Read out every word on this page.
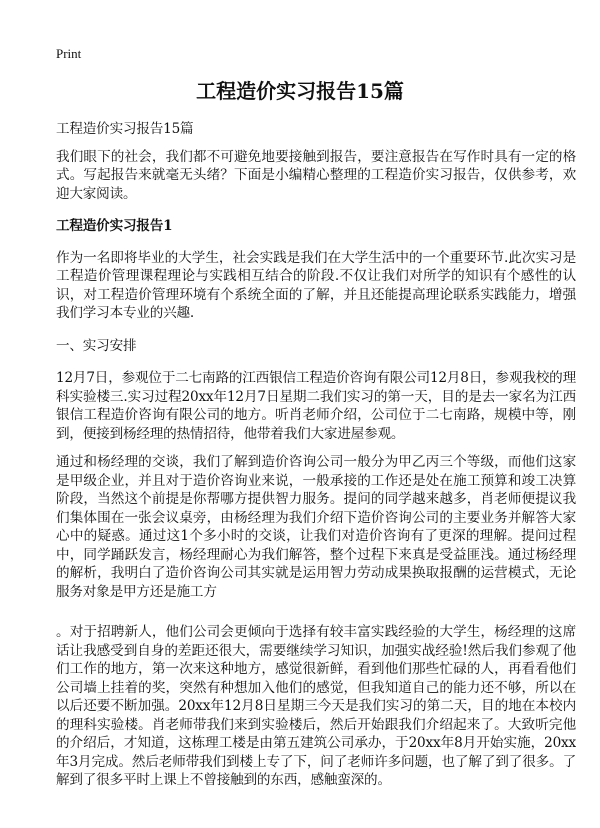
Print
工程造价实习报告15篇

工程造价实习报告15篇

我们眼下的社会，我们都不可避免地要接触到报告，要注意报告在写作时具有一定的格式。写起报告来就毫无头绪？下面是小编精心整理的工程造价实习报告，仅供参考，欢迎大家阅读。

工程造价实习报告1

作为一名即将毕业的大学生，社会实践是我们在大学生活中的一个重要环节.此次实习是工程造价管理课程理论与实践相互结合的阶段.不仅让我们对所学的知识有个感性的认识，对工程造价管理环境有个系统全面的了解，并且还能提高理论联系实践能力，增强我们学习本专业的兴趣.

一、实习安排

12月7日，参观位于二七南路的江西银信工程造价咨询有限公司12月8日，参观我校的理科实验楼三.实习过程20xx年12月7日星期二我们实习的第一天，目的是去一家名为江西银信工程造价咨询有限公司的地方。听肖老师介绍，公司位于二七南路，规模中等，刚到，便接到杨经理的热情招待，他带着我们大家进屋参观。

通过和杨经理的交谈，我们了解到造价咨询公司一般分为甲乙丙三个等级，而他们这家是甲级企业，并且对于造价咨询业来说，一般承接的工作还是处在施工预算和竣工决算阶段，当然这个前提是你帮哪方提供智力服务。提问的同学越来越多，肖老师便提议我们集体围在一张会议桌旁，由杨经理为我们介绍下造价咨询公司的主要业务并解答大家心中的疑惑。通过这1个多小时的交谈，让我们对造价咨询有了更深的理解。提问过程中，同学踊跃发言，杨经理耐心为我们解答，整个过程下来真是受益匪浅。通过杨经理的解析，我明白了造价咨询公司其实就是运用智力劳动成果换取报酬的运营模式，无论服务对象是甲方还是施工方

。对于招聘新人，他们公司会更倾向于选择有较丰富实践经验的大学生，杨经理的这席话让我感受到自身的差距还很大，需要继续学习知识，加强实战经验!然后我们参观了他们工作的地方，第一次来这种地方，感觉很新鲜，看到他们那些忙碌的人，再看看他们公司墙上挂着的奖，突然有种想加入他们的感觉，但我知道自己的能力还不够，所以在以后还要不断加强。20xx年12月8日星期三今天是我们实习的第二天，目的地在本校内的理科实验楼。肖老师带我们来到实验楼后，然后开始跟我们介绍起来了。大致听完他的介绍后，才知道，这栋理工楼是由第五建筑公司承办，于20xx年8月开始实施，20xx年3月完成。然后老师带我们到楼上专了下，问了老师许多问题，也了解了到了很多。了解到了很多平时上课上不曾接触到的东西，感触蛮深的。
